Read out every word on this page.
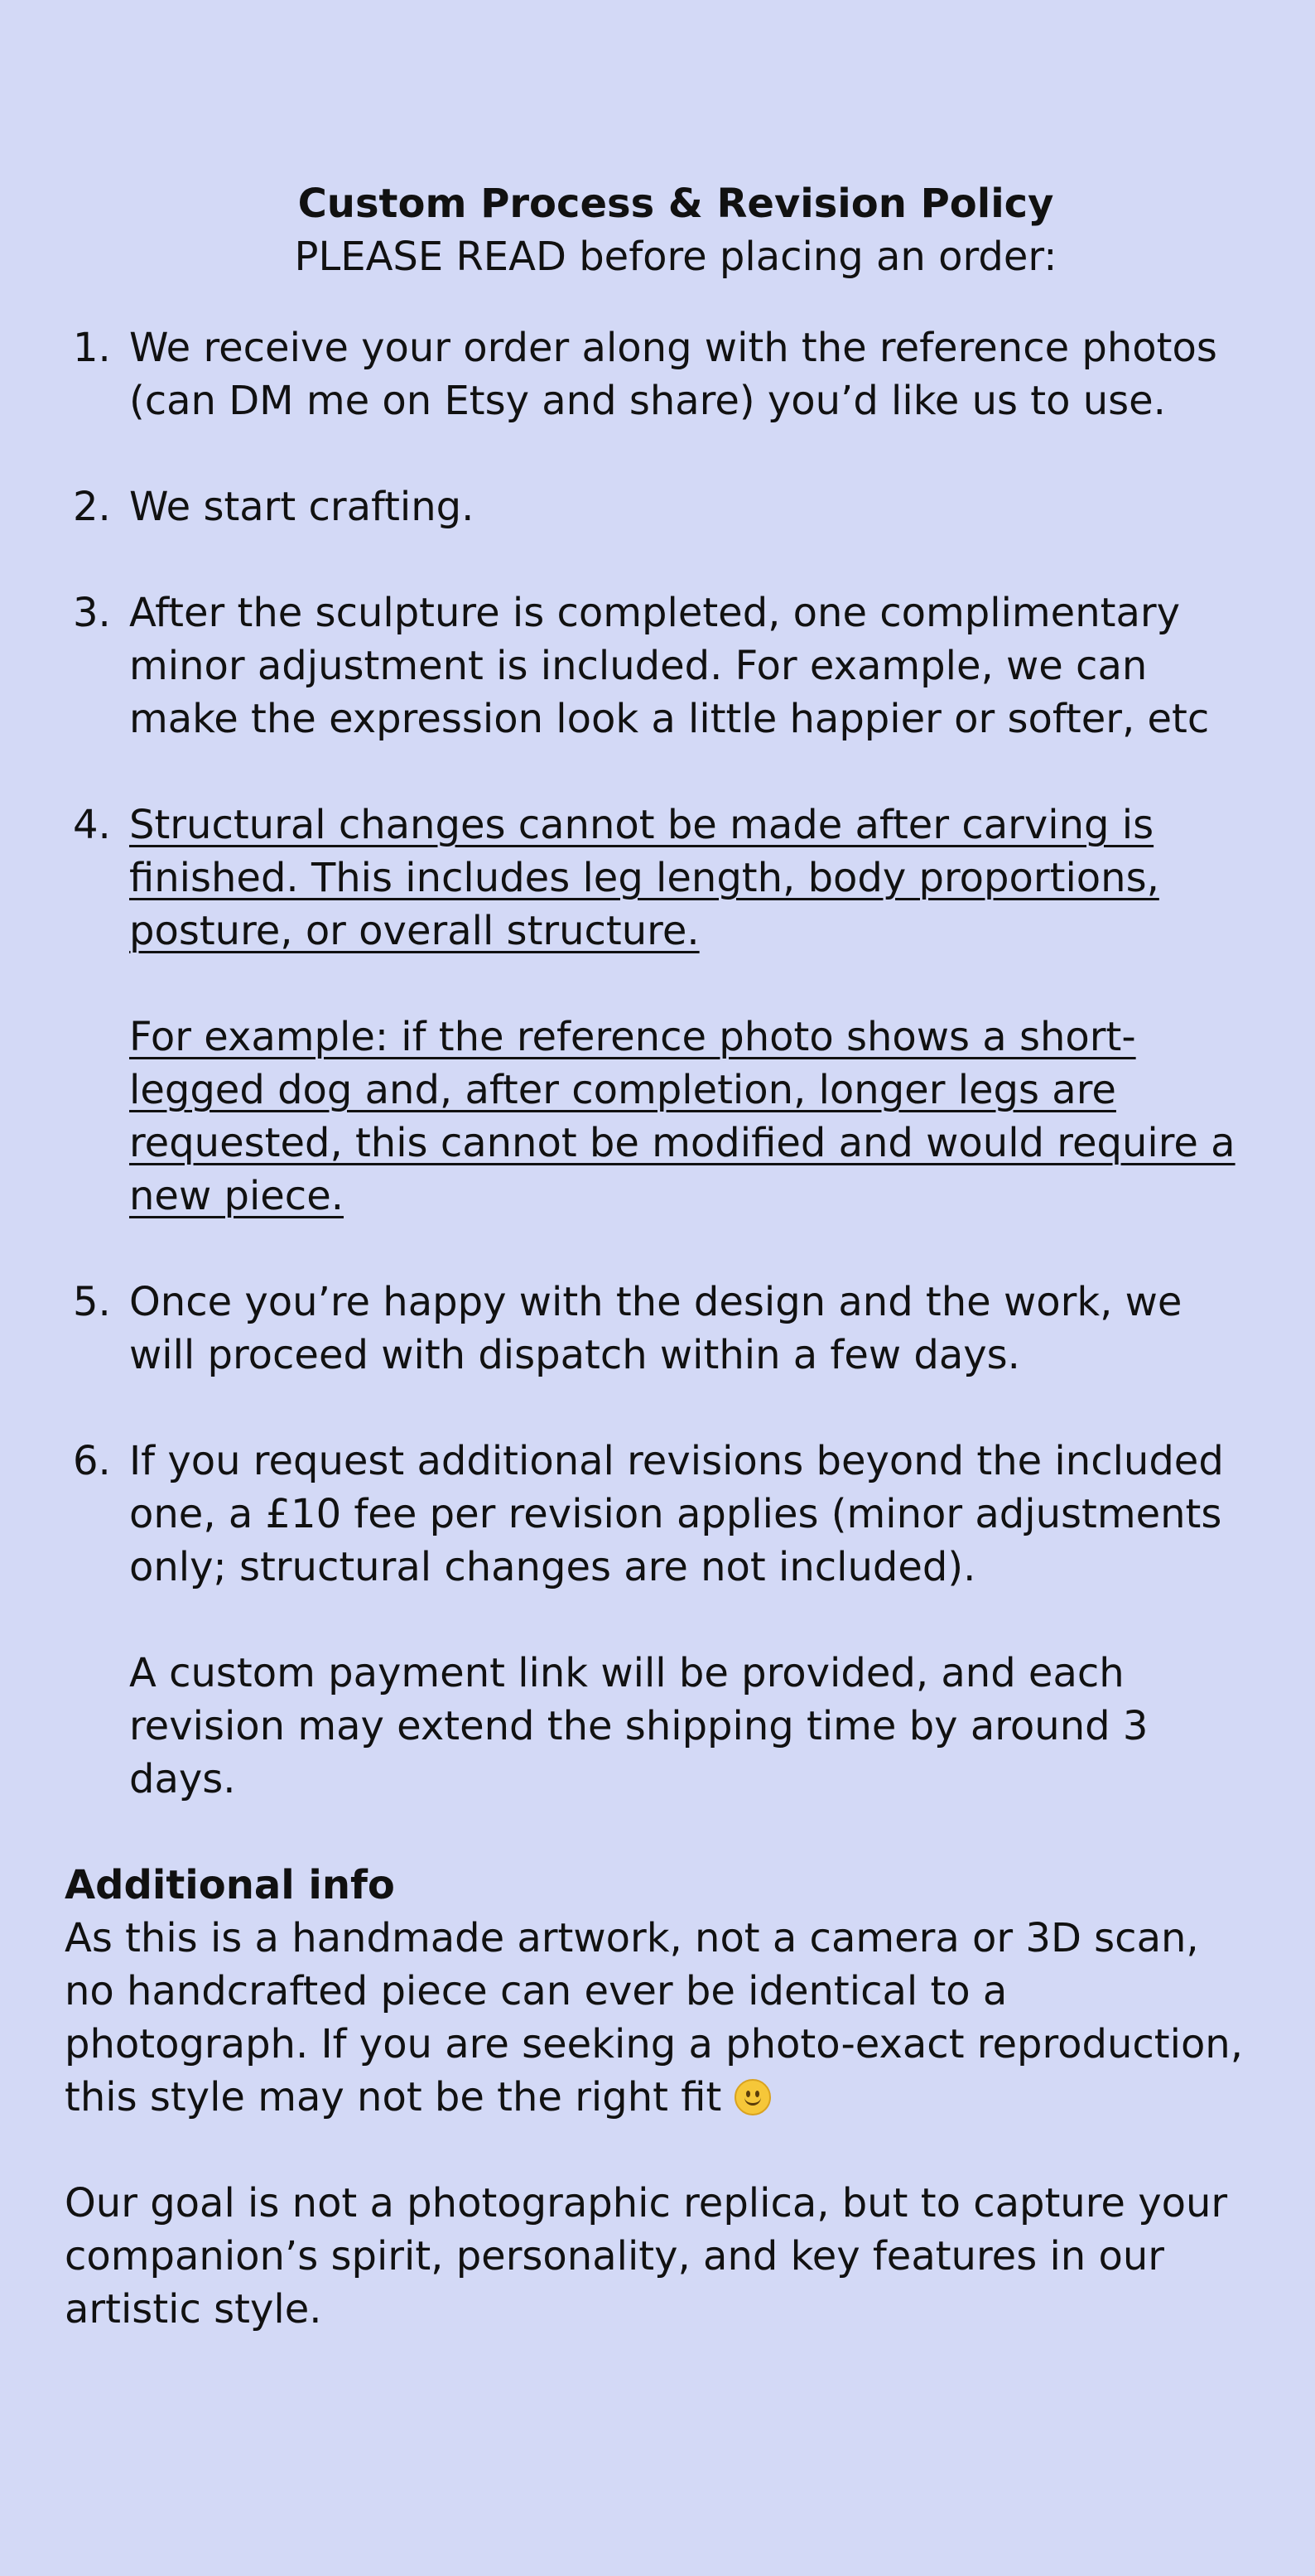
Custom Process & Revision Policy

PLEASE READ before placing an order:

1. We receive your order along with the reference photos (can DM me on Etsy and share) you’d like us to use.

2. We start crafting.

3. After the sculpture is completed, one complimentary minor adjustment is included. For example, we can make the expression look a little happier or softer, etc

4. Structural changes cannot be made after carving is finished. This includes leg length, body proportions, posture, or overall structure.

For example: if the reference photo shows a short-legged dog and, after completion, longer legs are requested, this cannot be modified and would require a new piece.

5. Once you’re happy with the design and the work, we will proceed with dispatch within a few days.

6. If you request additional revisions beyond the included one, a £10 fee per revision applies (minor adjustments only; structural changes are not included).

A custom payment link will be provided, and each revision may extend the shipping time by around 3 days.

Additional info

As this is a handmade artwork, not a camera or 3D scan, no handcrafted piece can ever be identical to a photograph. If you are seeking a photo-exact reproduction, this style may not be the right fit

Our goal is not a photographic replica, but to capture your companion’s spirit, personality, and key features in our artistic style.
